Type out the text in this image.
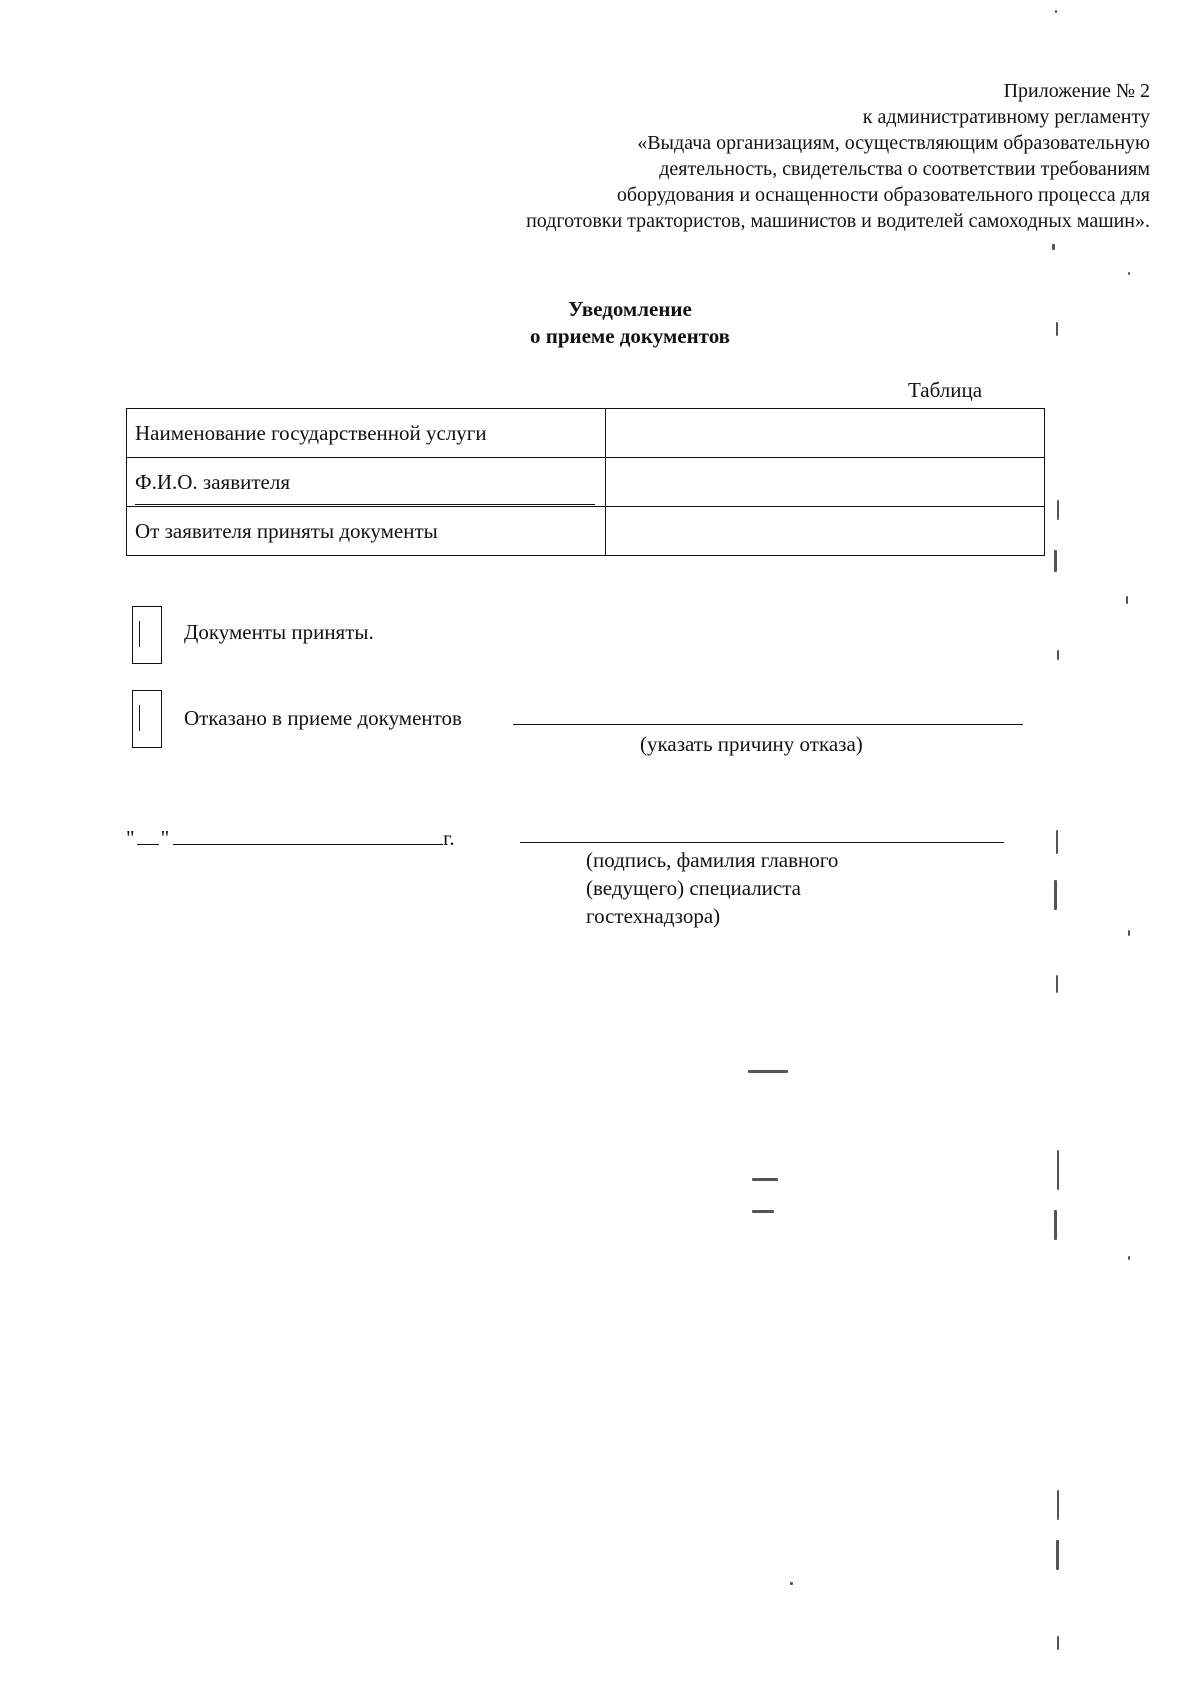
Приложение № 2
к административному регламенту
«Выдача организациям, осуществляющим образовательную
деятельность, свидетельства о соответствии требованиям
оборудования и оснащенности образовательного процесса для
подготовки трактористов, машинистов и водителей самоходных машин».
Уведомление
о приеме документов
Таблица
Наименование государственной услуги	
Ф.И.О. заявителя	
От заявителя приняты документы	
Документы приняты.
Отказано в приеме документов
(указать причину отказа)
" "	г.
(подпись, фамилия главного
(ведущего) специалиста
гостехнадзора)
